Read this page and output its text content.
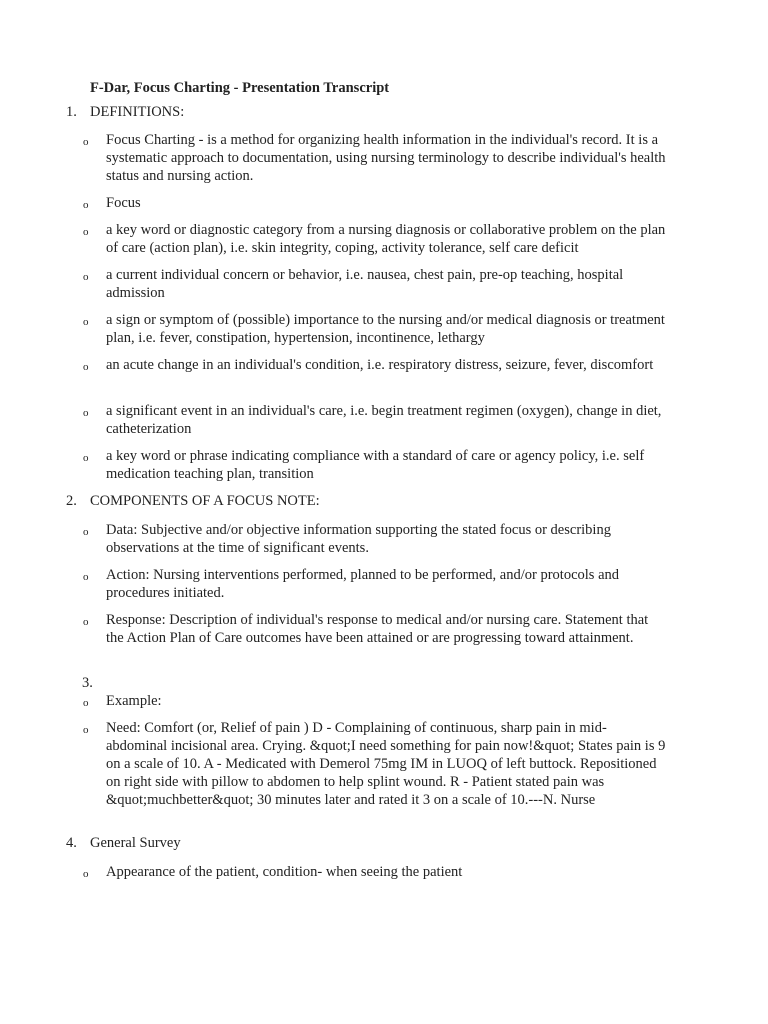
F-Dar, Focus Charting - Presentation Transcript
1. DEFINITIONS:
o Focus Charting - is a method for organizing health information in the individual's record. It is a systematic approach to documentation, using nursing terminology to describe individual's health status and nursing action.
o Focus
o a key word or diagnostic category from a nursing diagnosis or collaborative problem on the plan of care (action plan), i.e. skin integrity, coping, activity tolerance, self care deficit
o a current individual concern or behavior, i.e. nausea, chest pain, pre-op teaching, hospital admission
o a sign or symptom of (possible) importance to the nursing and/or medical diagnosis or treatment plan, i.e. fever, constipation, hypertension, incontinence, lethargy
o an acute change in an individual's condition, i.e. respiratory distress, seizure, fever, discomfort
o a significant event in an individual's care, i.e. begin treatment regimen (oxygen), change in diet, catheterization
o a key word or phrase indicating compliance with a standard of care or agency policy, i.e. self medication teaching plan, transition
2. COMPONENTS OF A FOCUS NOTE:
o Data: Subjective and/or objective information supporting the stated focus or describing observations at the time of significant events.
o Action: Nursing interventions performed, planned to be performed, and/or protocols and procedures initiated.
o Response: Description of individual's response to medical and/or nursing care. Statement that the Action Plan of Care outcomes have been attained or are progressing toward attainment.
3.
o Example:
o Need: Comfort (or, Relief of pain ) D - Complaining of continuous, sharp pain in mid-abdominal incisional area. Crying. &quot;I need something for pain now!&quot; States pain is 9 on a scale of 10. A - Medicated with Demerol 75mg IM in LUOQ of left buttock. Repositioned on right side with pillow to abdomen to help splint wound. R - Patient stated pain was &quot;muchbetter&quot; 30 minutes later and rated it 3 on a scale of 10.---N. Nurse
4. General Survey
o Appearance of the patient, condition- when seeing the patient
